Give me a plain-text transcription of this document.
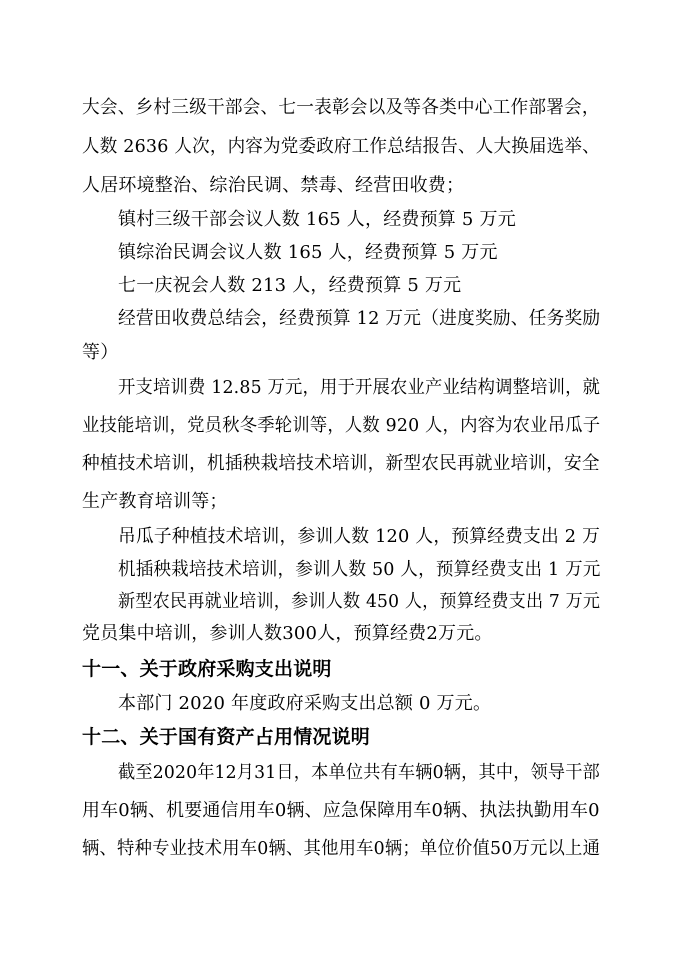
大会、乡村三级干部会、七一表彰会以及等各类中心工作部署会，
人数 2636 人次，内容为党委政府工作总结报告、人大换届选举、
人居环境整治、综治民调、禁毒、经营田收费；
镇村三级干部会议人数 165 人，经费预算 5 万元
镇综治民调会议人数 165 人，经费预算 5 万元
七一庆祝会人数 213 人，经费预算 5 万元
经营田收费总结会，经费预算 12 万元（进度奖励、任务奖励
等）
开支培训费 12.85 万元，用于开展农业产业结构调整培训，就
业技能培训，党员秋冬季轮训等，人数 920 人，内容为农业吊瓜子
种植技术培训，机插秧栽培技术培训，新型农民再就业培训，安全
生产教育培训等；
吊瓜子种植技术培训，参训人数 120 人，预算经费支出 2 万
机插秧栽培技术培训，参训人数 50 人，预算经费支出 1 万元
新型农民再就业培训，参训人数 450 人，预算经费支出 7 万元
党员集中培训，参训人数300人，预算经费2万元。
十一、关于政府采购支出说明
本部门 2020 年度政府采购支出总额 0 万元。
十二、关于国有资产占用情况说明
截至2020年12月31日，本单位共有车辆0辆，其中，领导干部
用车0辆、机要通信用车0辆、应急保障用车0辆、执法执勤用车0
辆、特种专业技术用车0辆、其他用车0辆；单位价值50万元以上通
